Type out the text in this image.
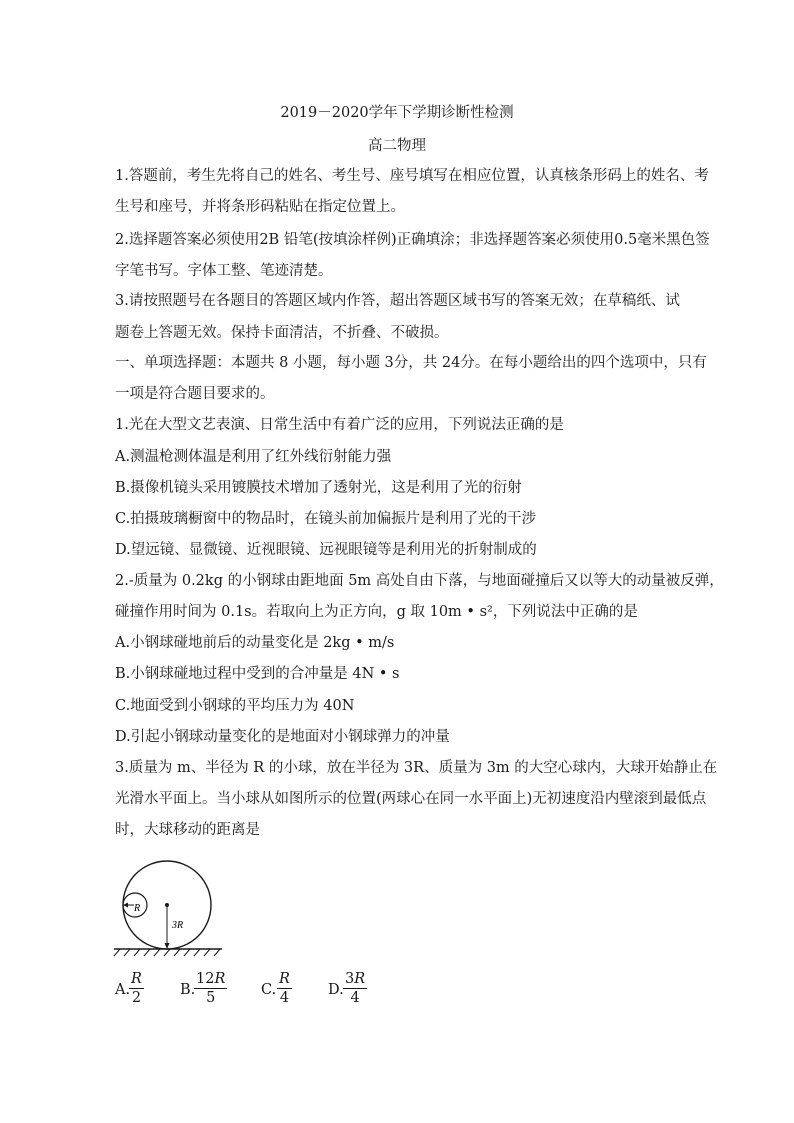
2019－2020学年下学期诊断性检测
高二物理
1.答题前，考生先将自己的姓名、考生号、座号填写在相应位置，认真核条形码上的姓名、考
生号和座号，并将条形码粘贴在指定位置上。
2.选择题答案必须使用2B 铅笔(按填涂样例)正确填涂；非选择题答案必须使用0.5毫米黑色签
字笔书写。字体工整、笔迹清楚。
3.请按照题号在各题目的答题区域内作答，超出答题区域书写的答案无效；在草稿纸、试
题卷上答题无效。保持卡面清洁，不折叠、不破损。
一、单项选择题：本题共 8 小题，每小题 3分，共 24分。在每小题给出的四个选项中，只有
一项是符合题目要求的。
1.光在大型文艺表演、日常生活中有着广泛的应用，下列说法正确的是
A.测温枪测体温是利用了红外线衍射能力强
B.摄像机镜头采用镀膜技术增加了透射光，这是利用了光的衍射
C.拍摄玻璃橱窗中的物品时，在镜头前加偏振片是利用了光的干涉
D.望远镜、显微镜、近视眼镜、远视眼镜等是利用光的折射制成的
2.-质量为 0.2kg 的小钢球由距地面 5m 高处自由下落，与地面碰撞后又以等大的动量被反弹，
碰撞作用时间为 0.1s。若取向上为正方向，g 取 10m • s²，下列说法中正确的是
A.小钢球碰地前后的动量变化是 2kg • m/s
B.小钢球碰地过程中受到的合冲量是 4N • s
C.地面受到小钢球的平均压力为 40N
D.引起小钢球动量变化的是地面对小钢球弹力的冲量
3.质量为 m、半径为 R 的小球，放在半径为 3R、质量为 3m 的大空心球内，大球开始静止在
光滑水平面上。当小球从如图所示的位置(两球心在同一水平面上)无初速度沿内壁滚到最低点
时，大球移动的距离是
R
3R
A.
$\frac{R}{2} B$.
$\frac{12R}{5} C$. $\frac{R}{4} D$. $\frac{3R}{4}$
